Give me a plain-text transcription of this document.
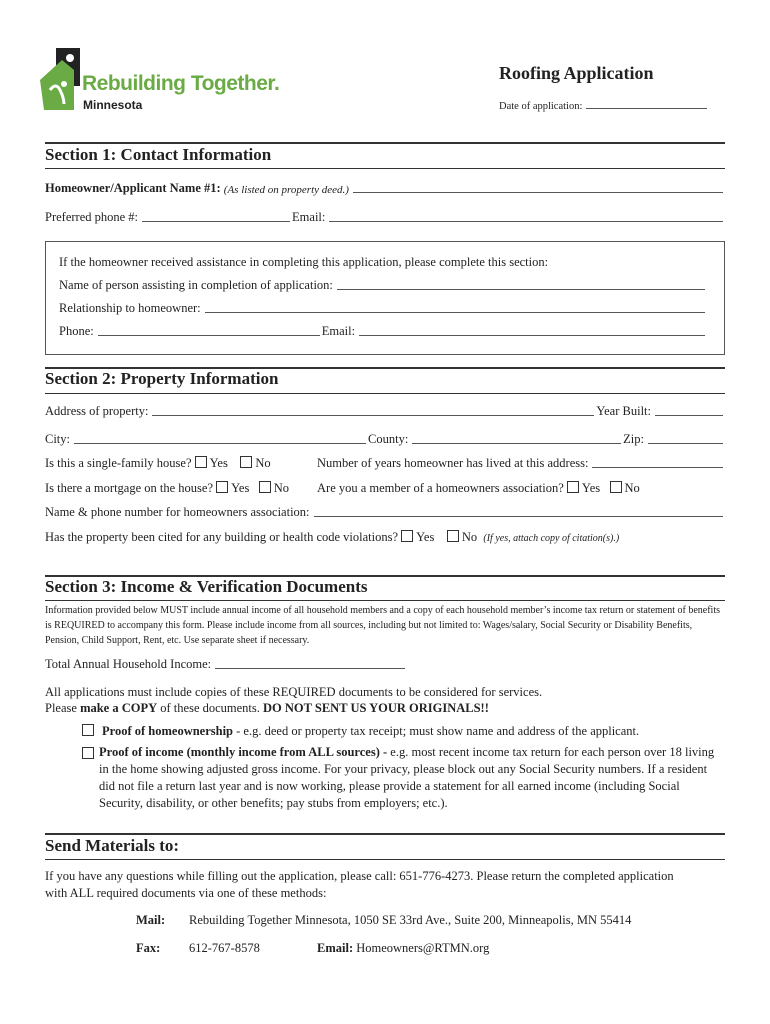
Rebuilding Together.
Minnesota
Roofing Application
Date of application:
Section 1: Contact Information
Homeowner/Applicant Name #1:
(As listed on property deed.)
Preferred phone #:	Email:
If the homeowner received assistance in completing this application, please complete this section:
Name of person assisting in completion of application:
Relationship to homeowner:
Phone:	Email:
Section 2: Property Information
Address of property:	Year Built:
City:	County:	Zip:
Is this a single-family house? Yes No	Number of years homeowner has lived at this address:
Is there a mortgage on the house? Yes No Are you a member of a homeowners association? Yes No
Name & phone number for homeowners association:
Has the property been cited for any building or health code violations? Yes No (If yes, attach copy of citation(s).)
Section 3: Income & Verification Documents
Information provided below MUST include annual income of all household members and a copy of each household member’s income tax return or statement of benefits is REQUIRED to accompany this form. Please include income from all sources, including but not limited to: Wages/salary, Social Security or Disability Benefits, Pension, Child Support, Rent, etc. Use separate sheet if necessary.
Total Annual Household Income:
All applications must include copies of these REQUIRED documents to be considered for services.
Please make a COPY of these documents. DO NOT SENT US YOUR ORIGINALS!!
Proof of homeownership - e.g. deed or property tax receipt; must show name and address of the applicant.
Proof of income (monthly income from ALL sources) - e.g. most recent income tax return for each person over 18 living in the home showing adjusted gross income. For your privacy, please block out any Social Security numbers. If a resident did not file a return last year and is now working, please provide a statement for all earned income (including Social Security, disability, or other benefits; pay stubs from employers; etc.).
Send Materials to:
If you have any questions while filling out the application, please call: 651-776-4273. Please return the completed application with ALL required documents via one of these methods:
Mail: Rebuilding Together Minnesota, 1050 SE 33rd Ave., Suite 200, Minneapolis, MN 55414
Fax: 612-767-8578	Email: Homeowners@RTMN.org
